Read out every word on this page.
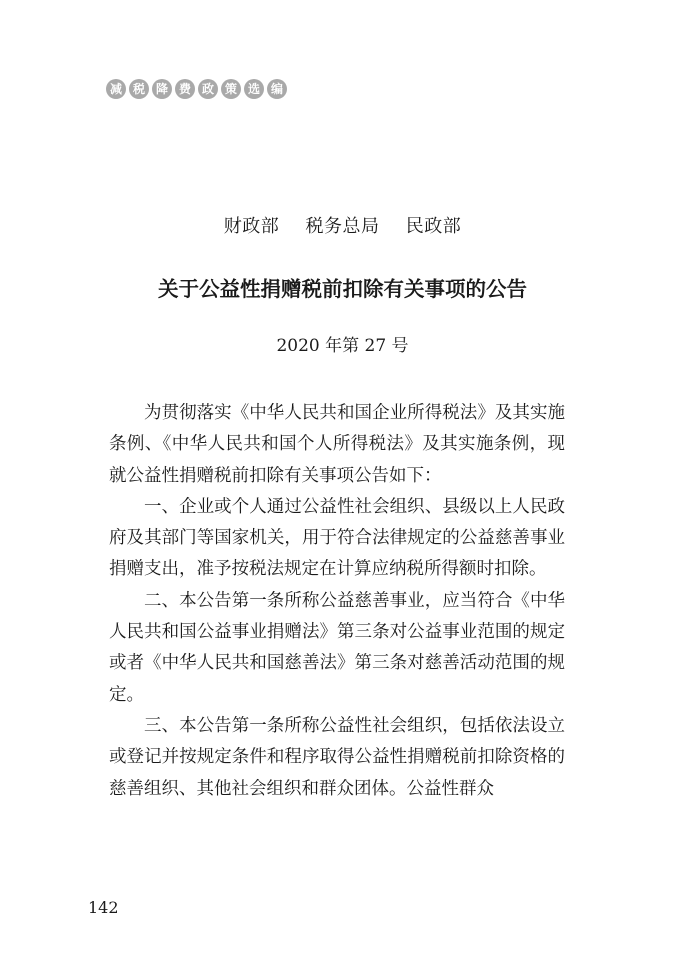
减 税 降 费 政 策 选 编
财政部 税务总局 民政部
关于公益性捐赠税前扣除有关事项的公告
2020 年第 27 号

为贯彻落实《中华人民共和国企业所得税法》及其实施条例、《中华人民共和国个人所得税法》及其实施条例，现就公益性捐赠税前扣除有关事项公告如下：

一、企业或个人通过公益性社会组织、县级以上人民政府及其部门等国家机关，用于符合法律规定的公益慈善事业捐赠支出，准予按税法规定在计算应纳税所得额时扣除。

二、本公告第一条所称公益慈善事业，应当符合《中华人民共和国公益事业捐赠法》第三条对公益事业范围的规定或者《中华人民共和国慈善法》第三条对慈善活动范围的规定。

三、本公告第一条所称公益性社会组织，包括依法设立或登记并按规定条件和程序取得公益性捐赠税前扣除资格的慈善组织、其他社会组织和群众团体。公益性群众

142
